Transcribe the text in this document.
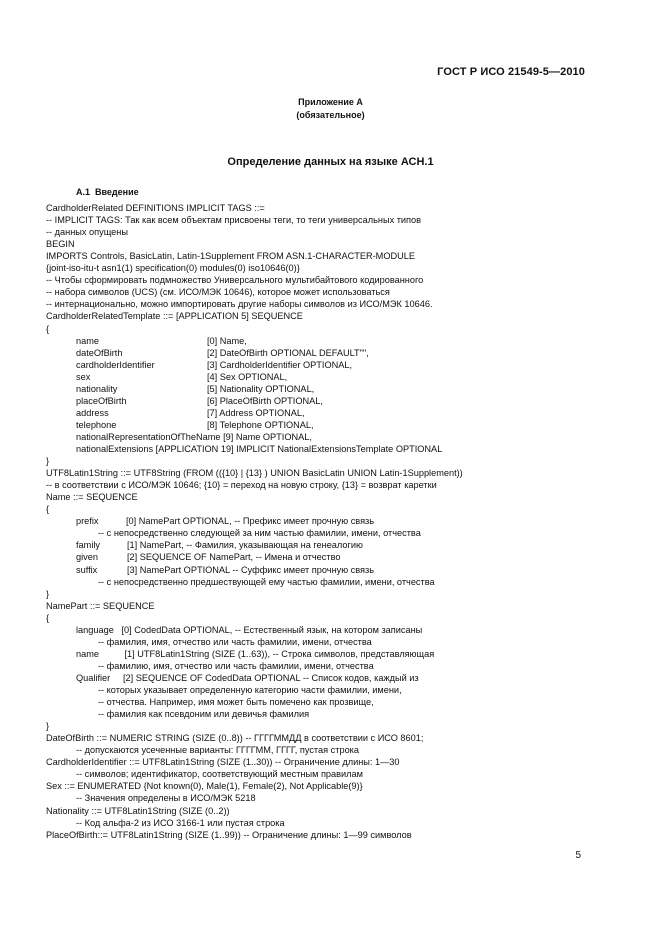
ГОСТ Р ИСО 21549-5—2010
Приложение А
(обязательное)
Определение данных на языке АСН.1
А.1  Введение
CardholderRelated DEFINITIONS IMPLICIT TAGS ::=
-- IMPLICIT TAGS: Так как всем объектам присвоены теги, то теги универсальных типов
-- данных опущены
BEGIN
IMPORTS Controls, BasicLatin, Latin-1Supplement FROM ASN.1-CHARACTER-MODULE
{joint-iso-itu-t asn1(1) specification(0) modules(0) iso10646(0)}
-- Чтобы сформировать подмножество Универсального мультибайтового кодированного
-- набора символов (UCS) (см. ИСО/МЭК 10646), которое может использоваться
-- интернационально, можно импортировать другие наборы символов из ИСО/МЭК 10646.
CardholderRelatedTemplate ::= [APPLICATION 5] SEQUENCE
{
name	[0] Name,
dateOfBirth	[2] DateOfBirth OPTIONAL DEFAULT"",
cardholderIdentifier	[3] CardholderIdentifier OPTIONAL,
sex	[4] Sex OPTIONAL,
nationality	[5] Nationality OPTIONAL,
placeOfBirth	[6] PlaceOfBirth OPTIONAL,
address	[7] Address OPTIONAL,
telephone	[8] Telephone OPTIONAL,
nationalRepresentationOfTheName [9] Name OPTIONAL,
nationalExtensions [APPLICATION 19] IMPLICIT NationalExtensionsTemplate OPTIONAL
}
UTF8Latin1String ::= UTF8String (FROM (({10} | {13} ) UNION BasicLatin UNION Latin-1Supplement))
-- в соответствии с ИСО/МЭК 10646; {10} = переход на новую строку, {13} = возврат каретки
Name ::= SEQUENCE
{
prefix	[0] NamePart OPTIONAL, -- Префикс имеет прочную связь
-- с непосредственно следующей за ним частью фамилии, имени, отчества
family	[1] NamePart, -- Фамилия, указывающая на генеалогию
given	[2] SEQUENCE OF NamePart, -- Имена и отчество
suffix	[3] NamePart OPTIONAL -- Суффикс имеет прочную связь
-- с непосредственно предшествующей ему частью фамилии, имени, отчества
}
NamePart ::= SEQUENCE
{
language   [0] CodedData OPTIONAL, -- Естественный язык, на котором записаны
-- фамилия, имя, отчество или часть фамилии, имени, отчества
name          [1] UTF8Latin1String (SIZE (1..63)), -- Строка символов, представляющая
-- фамилию, имя, отчество или часть фамилии, имени, отчества
Qualifier     [2] SEQUENCE OF CodedData OPTIONAL -- Список кодов, каждый из
-- которых указывает определенную категорию части фамилии, имени,
-- отчества. Например, имя может быть помечено как прозвище,
-- фамилия как псевдоним или девичья фамилия
}
DateOfBirth ::= NUMERIC STRING (SIZE (0..8)) -- ГГГГММДД в соответствии с ИСО 8601;
-- допускаются усеченные варианты: ГГГГММ, ГГГГ, пустая строка
CardholderIdentifier ::= UTF8Latin1String (SIZE (1..30)) -- Ограничение длины: 1—30
-- символов; идентификатор, соответствующий местным правилам
Sex ::= ENUMERATED {Not known(0), Male(1), Female(2), Not Applicable(9)}
-- Значения определены в ИСО/МЭК 5218
Nationality ::= UTF8Latin1String (SIZE (0..2))
-- Код альфа-2 из ИСО 3166-1 или пустая строка
PlaceOfBirth::= UTF8Latin1String (SIZE (1..99)) -- Ограничение длины: 1—99 символов
5
